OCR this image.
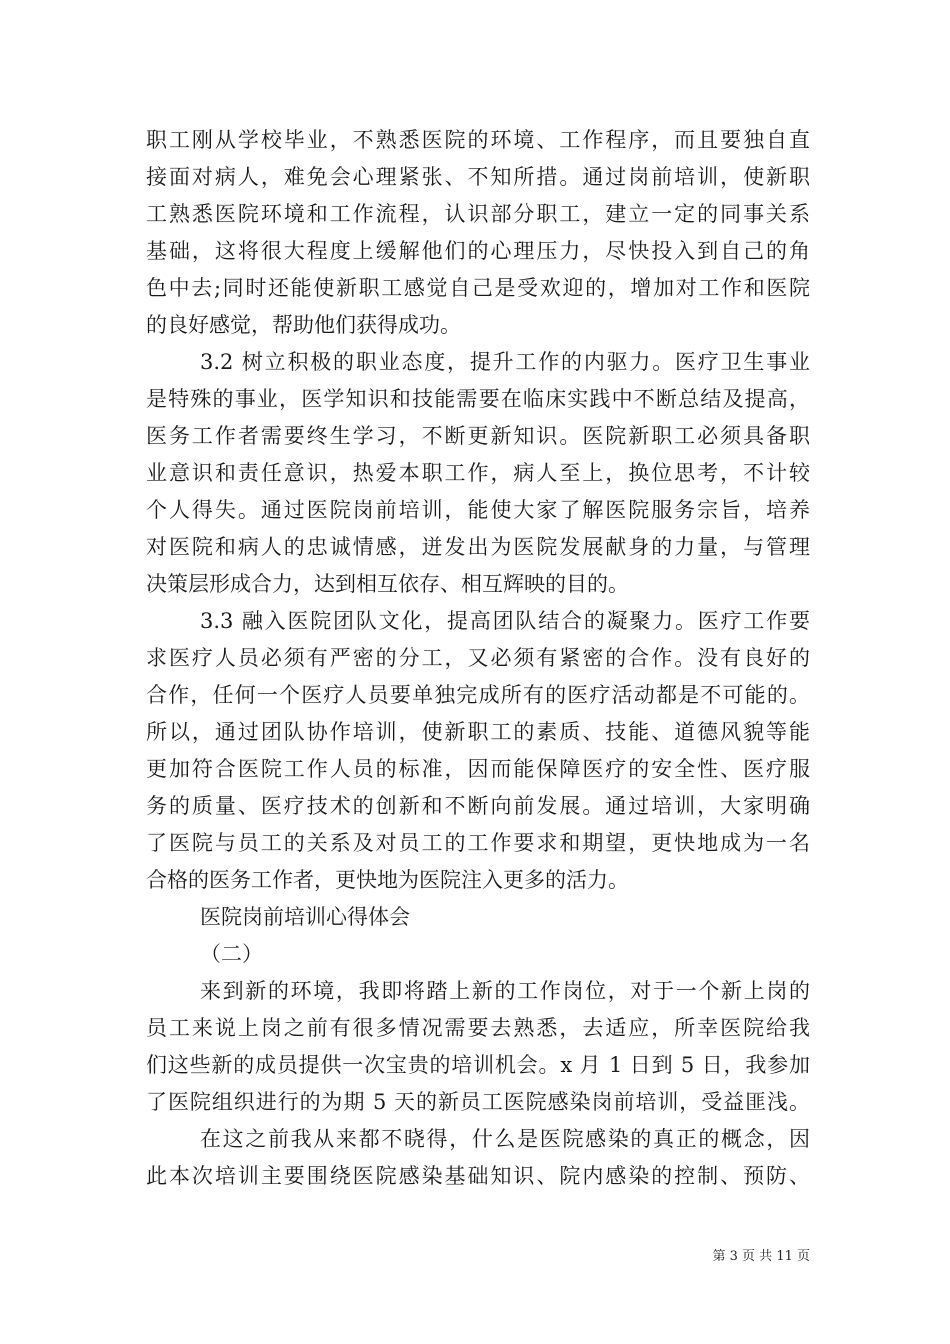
职工刚从学校毕业，不熟悉医院的环境、工作程序，而且要独自直
接面对病人，难免会心理紧张、不知所措。通过岗前培训，使新职
工熟悉医院环境和工作流程，认识部分职工，建立一定的同事关系
基础，这将很大程度上缓解他们的心理压力，尽快投入到自己的角
色中去;同时还能使新职工感觉自己是受欢迎的，增加对工作和医院
的良好感觉，帮助他们获得成功。
3.2 树立积极的职业态度，提升工作的内驱力。医疗卫生事业
是特殊的事业，医学知识和技能需要在临床实践中不断总结及提高，
医务工作者需要终生学习，不断更新知识。医院新职工必须具备职
业意识和责任意识，热爱本职工作，病人至上，换位思考，不计较
个人得失。通过医院岗前培训，能使大家了解医院服务宗旨，培养
对医院和病人的忠诚情感，迸发出为医院发展献身的力量，与管理
决策层形成合力，达到相互依存、相互辉映的目的。
3.3 融入医院团队文化，提高团队结合的凝聚力。医疗工作要
求医疗人员必须有严密的分工，又必须有紧密的合作。没有良好的
合作，任何一个医疗人员要单独完成所有的医疗活动都是不可能的。
所以，通过团队协作培训，使新职工的素质、技能、道德风貌等能
更加符合医院工作人员的标准，因而能保障医疗的安全性、医疗服
务的质量、医疗技术的创新和不断向前发展。通过培训，大家明确
了医院与员工的关系及对员工的工作要求和期望，更快地成为一名
合格的医务工作者，更快地为医院注入更多的活力。
医院岗前培训心得体会
（二）
来到新的环境，我即将踏上新的工作岗位，对于一个新上岗的
员工来说上岗之前有很多情况需要去熟悉，去适应，所幸医院给我
们这些新的成员提供一次宝贵的培训机会。x 月 1 日到 5 日，我参加
了医院组织进行的为期 5 天的新员工医院感染岗前培训，受益匪浅。
在这之前我从来都不晓得，什么是医院感染的真正的概念，因
此本次培训主要围绕医院感染基础知识、院内感染的控制、预防、
第 3 页 共 11 页
